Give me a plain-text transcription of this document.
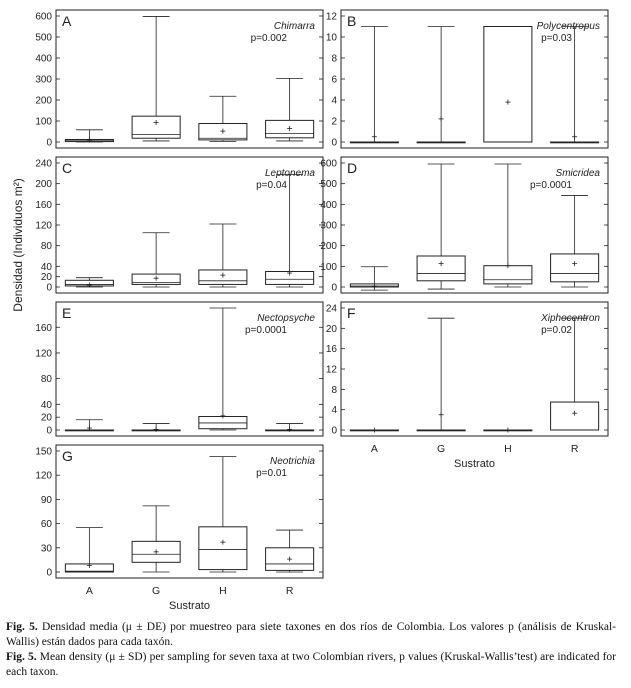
Densidad (Individuos m²)
0
100
200
300
400
500
600 A	Chimarra
p=0.002
0
2
4
6
8
10
12 B	Polycentropus
p=0.03
0
20
40
80
120
160
200
240 C	Leptonema
p=0.04
0
100
200
300
400
500
600 D	Smicridea
p=0.0001
0
20
40
80
120
160
E	Nectopsyche
p=0.0001
0
4
8
12
16
20
24 F	Xiphocentron
p=0.02
A	G	H	R
Sustrato
0
30
60
90
120
150 G	Neotrichia
p=0.01
A	G	H	R
Sustrato

Fig. 5. Densidad media (μ ± DE) por muestreo para siete taxones en dos ríos de Colombia. Los valores p (análisis de Kruskal-Wallis) están dados para cada taxón.

Fig. 5. Mean density (μ ± SD) per sampling for seven taxa at two Colombian rivers, p values (Kruskal-Wallis’test) are indicated for each taxon.
